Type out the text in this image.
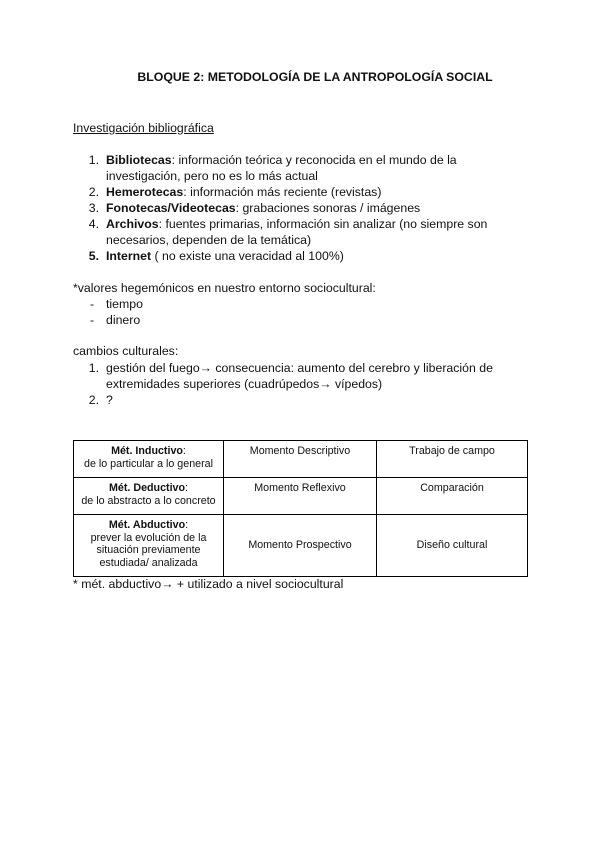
BLOQUE 2: METODOLOGÍA DE LA ANTROPOLOGÍA SOCIAL
Investigación bibliográfica
1. Bibliotecas: información teórica y reconocida en el mundo de la investigación, pero no es lo más actual
2. Hemerotecas: información más reciente (revistas)
3. Fonotecas/Videotecas: grabaciones sonoras / imágenes
4. Archivos: fuentes primarias, información sin analizar (no siempre son necesarios, dependen de la temática)
5. Internet ( no existe una veracidad al 100%)
*valores hegemónicos en nuestro entorno sociocultural:
- tiempo
- dinero
cambios culturales:
1. gestión del fuego→ consecuencia: aumento del cerebro y liberación de extremidades superiores (cuadrúpedos→ vípedos)
2. ?
Mét. Inductivo:
de lo particular a lo general	Momento Descriptivo	Trabajo de campo
Mét. Deductivo:
de lo abstracto a lo concreto	Momento Reflexivo	Comparación
Mét. Abductivo:
prever la evolución de la situación previamente estudiada/ analizada	Momento Prospectivo	Diseño cultural
* mét. abductivo→ + utilizado a nivel sociocultural
